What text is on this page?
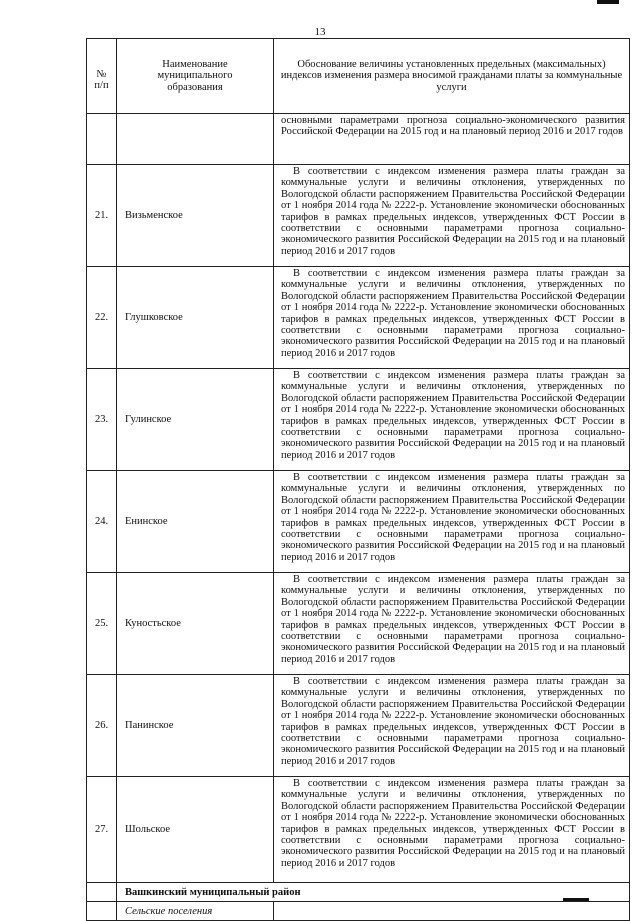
13
№
п/п	Наименование
муниципального
образования	Обоснование величины установленных предельных (максимальных) индексов изменения размера вносимой гражданами платы за коммунальные услуги
		основными параметрами прогноза социально-экономического развития Российской Федерации на 2015 год и на плановый период 2016 и 2017 годов
21.	Визьменское	В соответствии с индексом изменения размера платы граждан за коммунальные услуги и величины отклонения, утвержденных по Вологодской области распоряжением Правительства Российской Федерации от 1 ноября 2014 года № 2222-р. Установление экономически обоснованных тарифов в рамках предельных индексов, утвержденных ФСТ России в соответствии с основными параметрами прогноза социально-экономического развития Российской Федерации на 2015 год и на плановый период 2016 и 2017 годов
22.	Глушковское	В соответствии с индексом изменения размера платы граждан за коммунальные услуги и величины отклонения, утвержденных по Вологодской области распоряжением Правительства Российской Федерации от 1 ноября 2014 года № 2222-р. Установление экономически обоснованных тарифов в рамках предельных индексов, утвержденных ФСТ России в соответствии с основными параметрами прогноза социально-экономического развития Российской Федерации на 2015 год и на плановый период 2016 и 2017 годов
23.	Гулинское	В соответствии с индексом изменения размера платы граждан за коммунальные услуги и величины отклонения, утвержденных по Вологодской области распоряжением Правительства Российской Федерации от 1 ноября 2014 года № 2222-р. Установление экономически обоснованных тарифов в рамках предельных индексов, утвержденных ФСТ России в соответствии с основными параметрами прогноза социально-экономического развития Российской Федерации на 2015 год и на плановый период 2016 и 2017 годов
24.	Енинское	В соответствии с индексом изменения размера платы граждан за коммунальные услуги и величины отклонения, утвержденных по Вологодской области распоряжением Правительства Российской Федерации от 1 ноября 2014 года № 2222-р. Установление экономически обоснованных тарифов в рамках предельных индексов, утвержденных ФСТ России в соответствии с основными параметрами прогноза социально-экономического развития Российской Федерации на 2015 год и на плановый период 2016 и 2017 годов
25.	Куностьское	В соответствии с индексом изменения размера платы граждан за коммунальные услуги и величины отклонения, утвержденных по Вологодской области распоряжением Правительства Российской Федерации от 1 ноября 2014 года № 2222-р. Установление экономически обоснованных тарифов в рамках предельных индексов, утвержденных ФСТ России в соответствии с основными параметрами прогноза социально-экономического развития Российской Федерации на 2015 год и на плановый период 2016 и 2017 годов
26.	Панинское	В соответствии с индексом изменения размера платы граждан за коммунальные услуги и величины отклонения, утвержденных по Вологодской области распоряжением Правительства Российской Федерации от 1 ноября 2014 года № 2222-р. Установление экономически обоснованных тарифов в рамках предельных индексов, утвержденных ФСТ России в соответствии с основными параметрами прогноза социально-экономического развития Российской Федерации на 2015 год и на плановый период 2016 и 2017 годов
27.	Шольское	В соответствии с индексом изменения размера платы граждан за коммунальные услуги и величины отклонения, утвержденных по Вологодской области распоряжением Правительства Российской Федерации от 1 ноября 2014 года № 2222-р. Установление экономически обоснованных тарифов в рамках предельных индексов, утвержденных ФСТ России в соответствии с основными параметрами прогноза социально-экономического развития Российской Федерации на 2015 год и на плановый период 2016 и 2017 годов
	Вашкинский муниципальный район	
	Сельские поселения	
